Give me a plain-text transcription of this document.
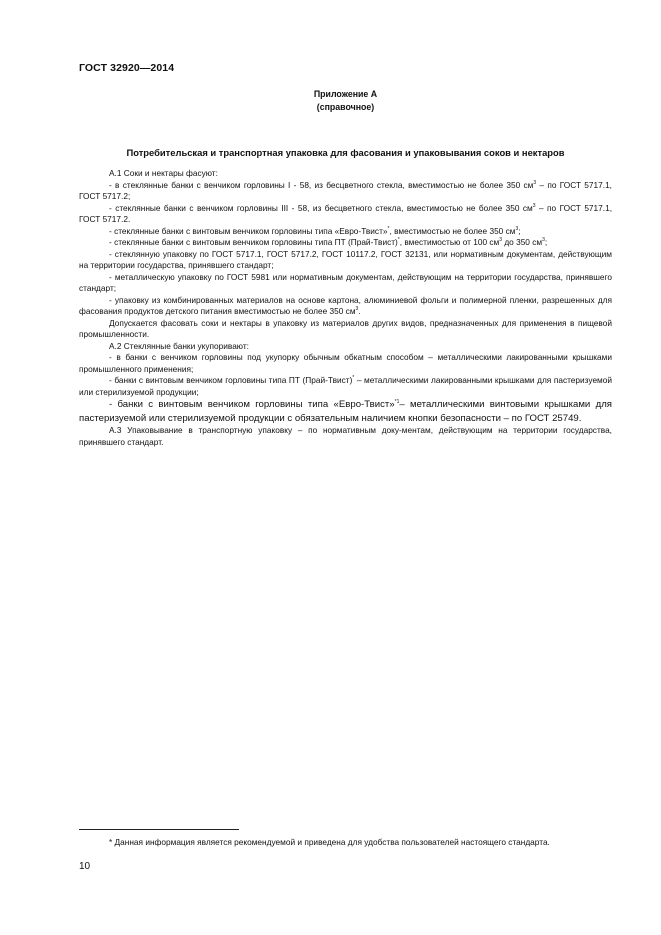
ГОСТ 32920—2014
Приложение А
(справочное)
Потребительская и транспортная упаковка для фасования и упаковывания соков и нектаров

А.1 Соки и нектары фасуют:

- в стеклянные банки с венчиком горловины I - 58, из бесцветного стекла, вместимостью не более 350 $см^3$ – по ГОСТ 5717.1, ГОСТ 5717.2;

- стеклянные банки с венчиком горловины III - 58, из бесцветного стекла, вместимостью не более 350 $см^3$ – по ГОСТ 5717.1, ГОСТ 5717.2.

- стеклянные банки с винтовым венчиком горловины типа «Евро-Твист»*, вместимостью не более 350 $см^3$;

- стеклянные банки с винтовым венчиком горловины типа ПТ (Прай-Твист)*, вместимостью от 100 $см^3$ до 350 $см^3$;

- стеклянную упаковку по ГОСТ 5717.1, ГОСТ 5717.2, ГОСТ 10117.2, ГОСТ 32131, или нормативным документам, действующим на территории государства, принявшего стандарт;

- металлическую упаковку по ГОСТ 5981 или нормативным документам, действующим на территории государства, принявшего стандарт;

- упаковку из комбинированных материалов на основе картона, алюминиевой фольги и полимерной пленки, разрешенных для фасования продуктов детского питания вместимостью не более 350 $см^3$.

Допускается фасовать соки и нектары в упаковку из материалов других видов, предназначенных для применения в пищевой промышленности.

А.2 Стеклянные банки укупоривают:

- в банки с венчиком горловины под укупорку обычным обкатным способом – металлическими лакированными крышками промышленного применения;

- банки с винтовым венчиком горловины типа ПТ (Прай-Твист)* – металлическими лакированными крышками для пастеризуемой или стерилизуемой продукции;

- банки с винтовым венчиком горловины типа «Евро-Твист»$^{*1}$– металлическими винтовыми крышками для пастеризуемой или стерилизуемой продукции с обязательным наличием кнопки безопасности – по ГОСТ 25749.

А.3 Упаковывание в транспортную упаковку – по нормативным доку-ментам, действующим на территории государства, принявшего стандарт.

* Данная информация является рекомендуемой и приведена для удобства пользователей настоящего стандарта.
10
